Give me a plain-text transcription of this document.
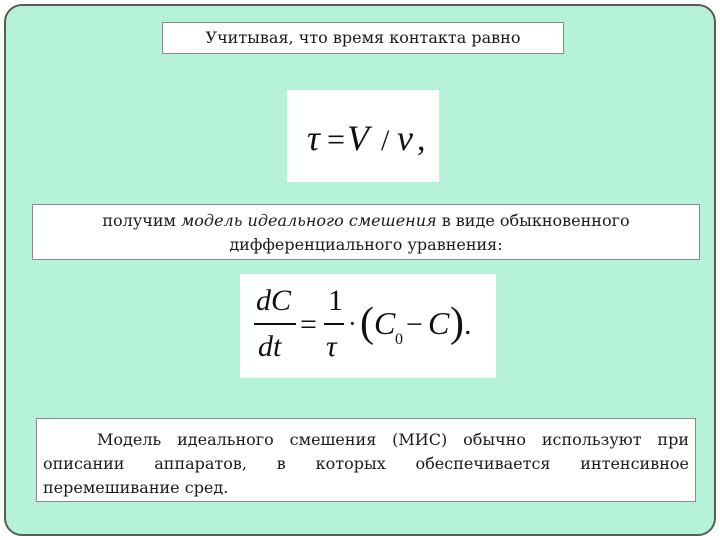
Учитывая, что время контакта равно
τ = V / v ,
получим модель идеального смешения в виде обыкновенного дифференциального уравнения:
dC
dt
=
1
τ
· ( C 0 − C ) .
Модель идеального смешения (МИС) обычно используют при описании аппаратов, в которых обеспечивается интенсивное перемешивание сред.
